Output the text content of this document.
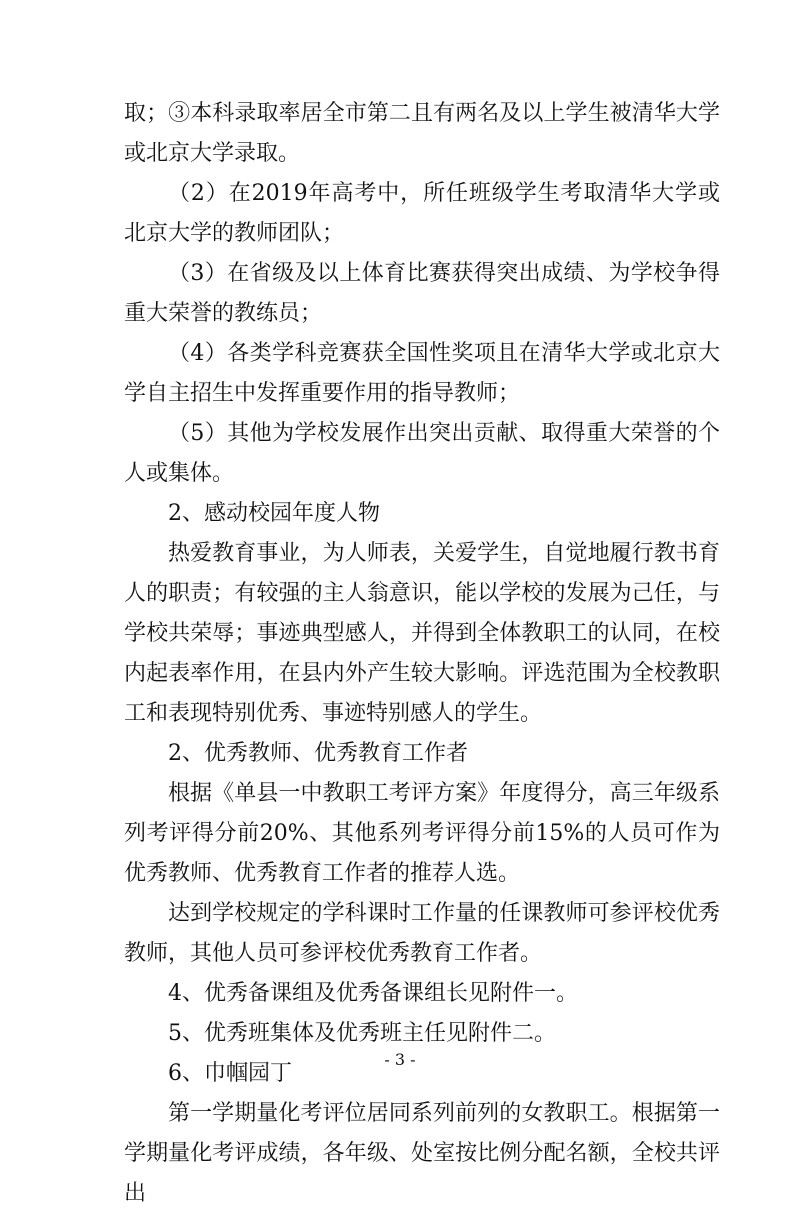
取；③本科录取率居全市第二且有两名及以上学生被清华大学或北京大学录取。

（2）在2019年高考中，所任班级学生考取清华大学或北京大学的教师团队；

（3）在省级及以上体育比赛获得突出成绩、为学校争得重大荣誉的教练员；

（4）各类学科竞赛获全国性奖项且在清华大学或北京大学自主招生中发挥重要作用的指导教师；

（5）其他为学校发展作出突出贡献、取得重大荣誉的个人或集体。

2、感动校园年度人物

热爱教育事业，为人师表，关爱学生，自觉地履行教书育人的职责；有较强的主人翁意识，能以学校的发展为己任，与学校共荣辱；事迹典型感人，并得到全体教职工的认同，在校内起表率作用，在县内外产生较大影响。评选范围为全校教职工和表现特别优秀、事迹特别感人的学生。

2、优秀教师、优秀教育工作者

根据《单县一中教职工考评方案》年度得分，高三年级系列考评得分前20%、其他系列考评得分前15%的人员可作为优秀教师、优秀教育工作者的推荐人选。

达到学校规定的学科课时工作量的任课教师可参评校优秀教师，其他人员可参评校优秀教育工作者。

4、优秀备课组及优秀备课组长见附件一。

5、优秀班集体及优秀班主任见附件二。

6、巾帼园丁

第一学期量化考评位居同系列前列的女教职工。根据第一学期量化考评成绩，各年级、处室按比例分配名额，全校共评出

- 3 -
